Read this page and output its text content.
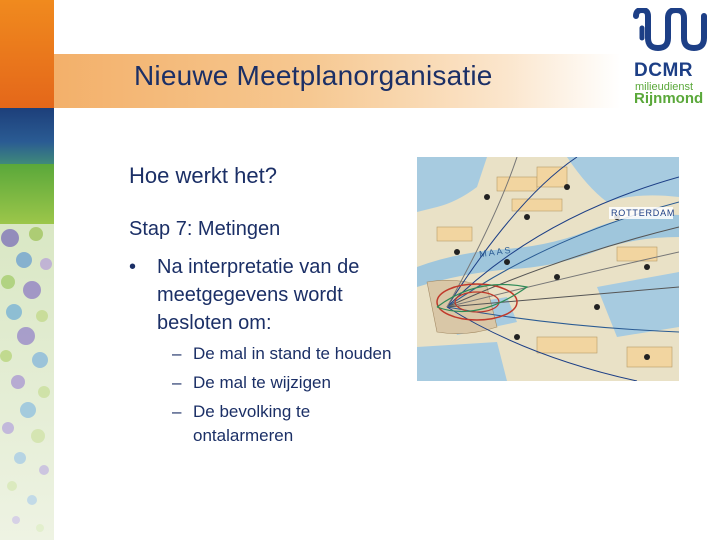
Nieuwe Meetplanorganisatie	DCMR
milieudienst
Rijnmond
Hoe werkt het?
Stap 7: Metingen
• Na interpretatie van de meetgegevens wordt besloten om:
– De mal in stand te houden
– De mal te wijzigen
– De bevolking te ontalarmeren
ROTTERDAM
MAAS
